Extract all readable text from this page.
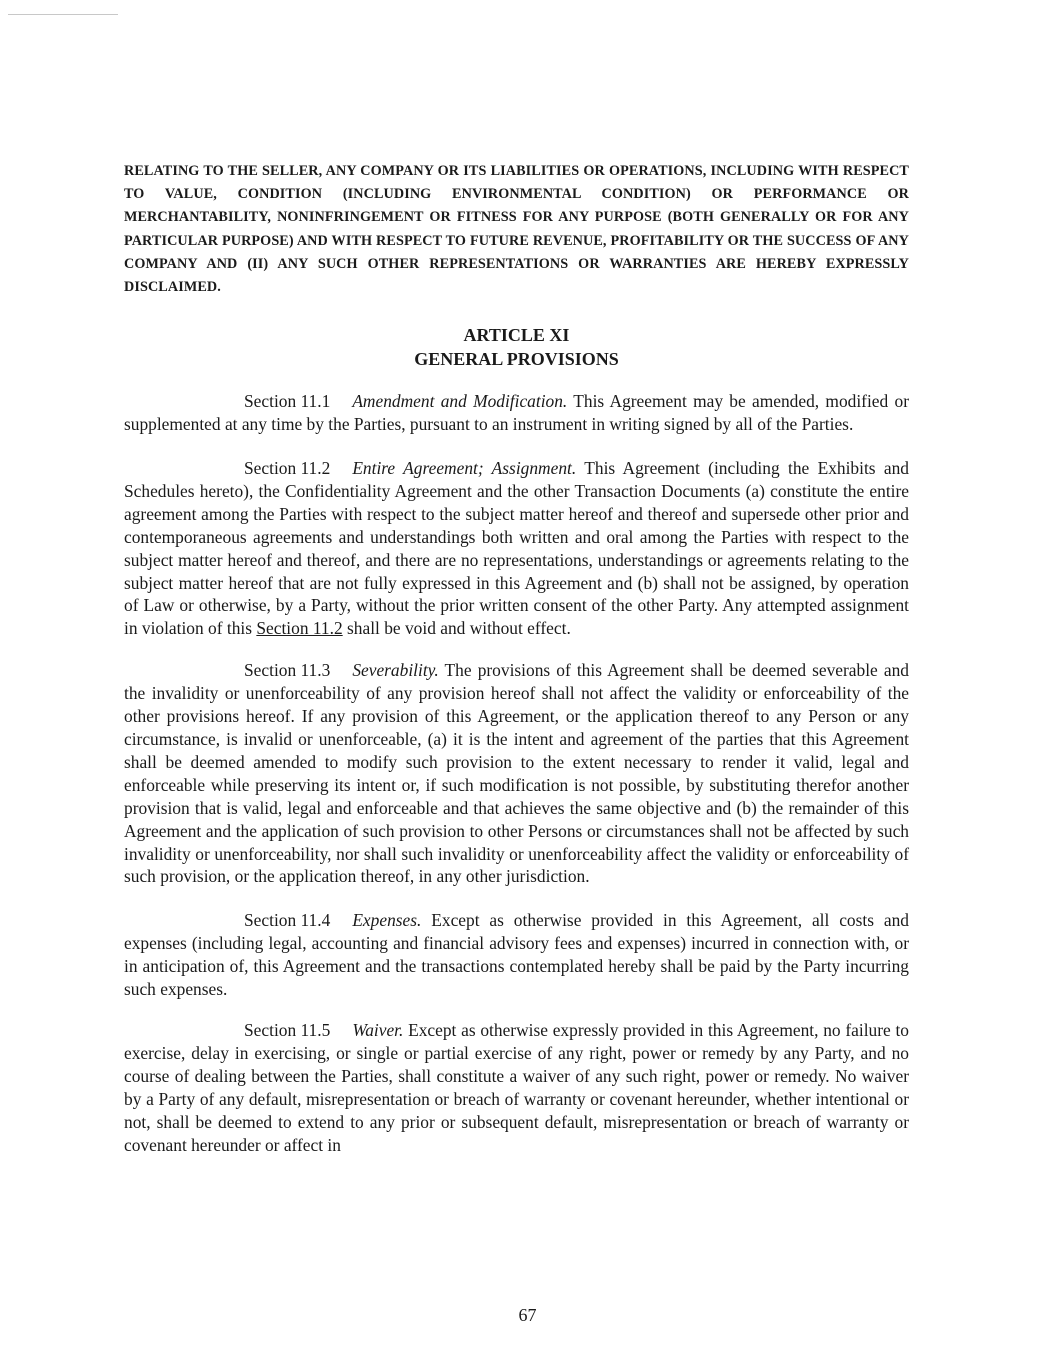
RELATING TO THE SELLER, ANY COMPANY OR ITS LIABILITIES OR OPERATIONS, INCLUDING WITH RESPECT TO VALUE, CONDITION (INCLUDING ENVIRONMENTAL CONDITION) OR PERFORMANCE OR MERCHANTABILITY, NONINFRINGEMENT OR FITNESS FOR ANY PURPOSE (BOTH GENERALLY OR FOR ANY PARTICULAR PURPOSE) AND WITH RESPECT TO FUTURE REVENUE, PROFITABILITY OR THE SUCCESS OF ANY COMPANY AND (II) ANY SUCH OTHER REPRESENTATIONS OR WARRANTIES ARE HEREBY EXPRESSLY DISCLAIMED.

ARTICLE XI
GENERAL PROVISIONS

Section 11.1 Amendment and Modification. This Agreement may be amended, modified or supplemented at any time by the Parties, pursuant to an instrument in writing signed by all of the Parties.

Section 11.2 Entire Agreement; Assignment. This Agreement (including the Exhibits and Schedules hereto), the Confidentiality Agreement and the other Transaction Documents (a) constitute the entire agreement among the Parties with respect to the subject matter hereof and thereof and supersede other prior and contemporaneous agreements and understandings both written and oral among the Parties with respect to the subject matter hereof and thereof, and there are no representations, understandings or agreements relating to the subject matter hereof that are not fully expressed in this Agreement and (b) shall not be assigned, by operation of Law or otherwise, by a Party, without the prior written consent of the other Party. Any attempted assignment in violation of this Section 11.2 shall be void and without effect.

Section 11.3 Severability. The provisions of this Agreement shall be deemed severable and the invalidity or unenforceability of any provision hereof shall not affect the validity or enforceability of the other provisions hereof. If any provision of this Agreement, or the application thereof to any Person or any circumstance, is invalid or unenforceable, (a) it is the intent and agreement of the parties that this Agreement shall be deemed amended to modify such provision to the extent necessary to render it valid, legal and enforceable while preserving its intent or, if such modification is not possible, by substituting therefor another provision that is valid, legal and enforceable and that achieves the same objective and (b) the remainder of this Agreement and the application of such provision to other Persons or circumstances shall not be affected by such invalidity or unenforceability, nor shall such invalidity or unenforceability affect the validity or enforceability of such provision, or the application thereof, in any other jurisdiction.

Section 11.4 Expenses. Except as otherwise provided in this Agreement, all costs and expenses (including legal, accounting and financial advisory fees and expenses) incurred in connection with, or in anticipation of, this Agreement and the transactions contemplated hereby shall be paid by the Party incurring such expenses.

Section 11.5 Waiver. Except as otherwise expressly provided in this Agreement, no failure to exercise, delay in exercising, or single or partial exercise of any right, power or remedy by any Party, and no course of dealing between the Parties, shall constitute a waiver of any such right, power or remedy. No waiver by a Party of any default, misrepresentation or breach of warranty or covenant hereunder, whether intentional or not, shall be deemed to extend to any prior or subsequent default, misrepresentation or breach of warranty or covenant hereunder or affect in

67
